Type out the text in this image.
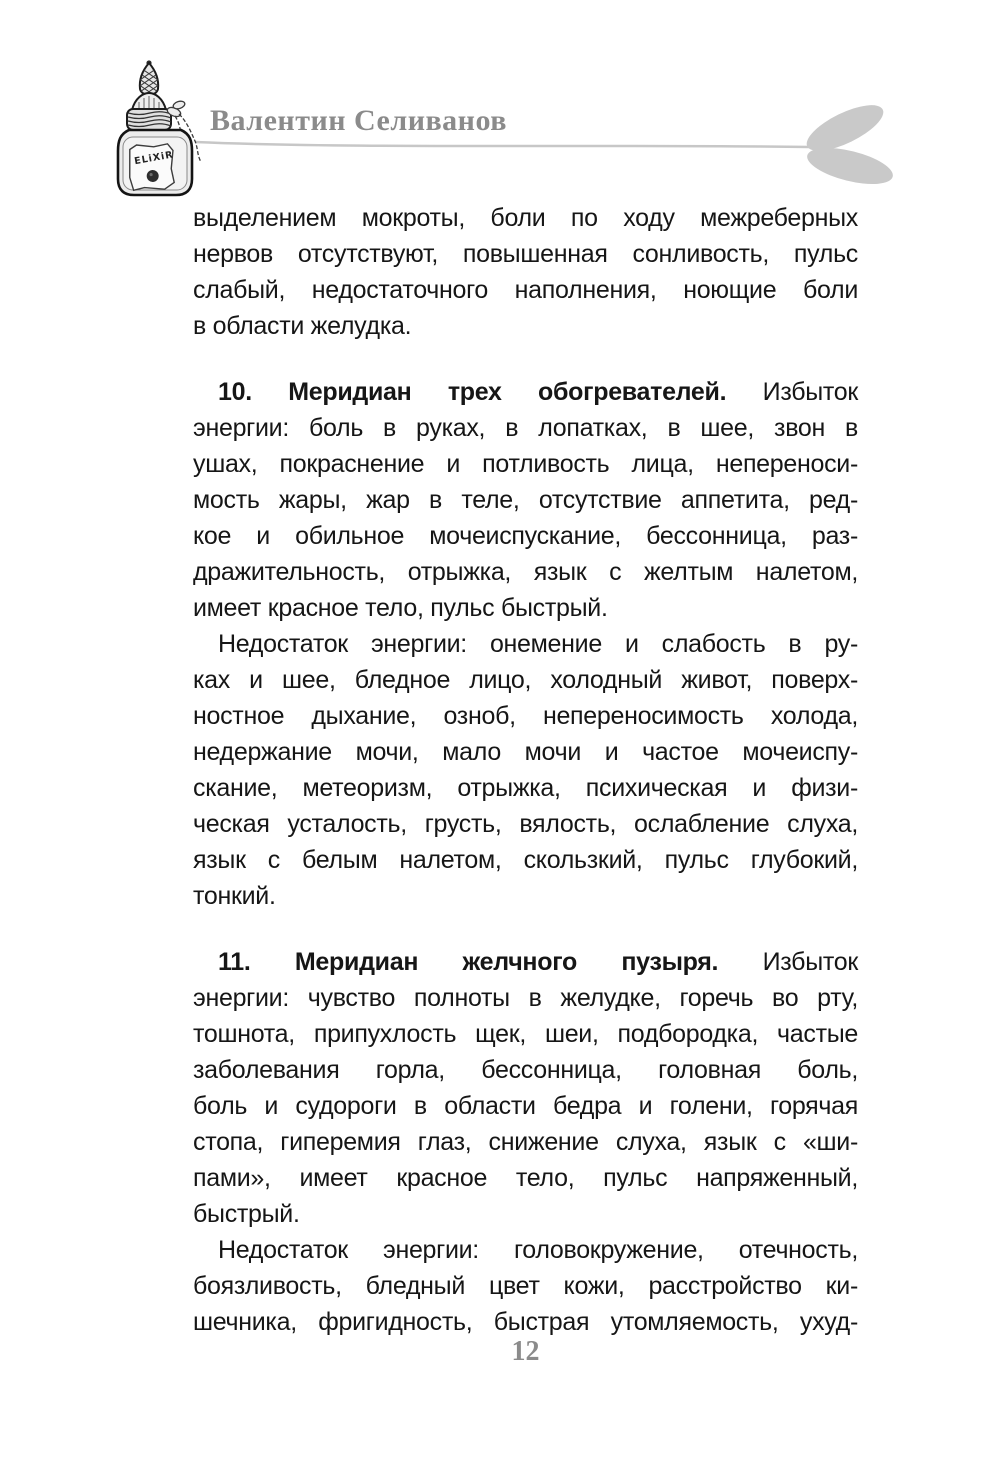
ELiXiR
Валентин Селиванов
выделением мокроты, боли по ходу межреберных
нервов отсутствуют, повышенная сонливость, пульс
слабый, недостаточного наполнения, ноющие боли
в области желудка.
10. Меридиан трех обогревателей. Избыток
энергии: боль в руках, в лопатках, в шее, звон в
ушах, покраснение и потливость лица, непереноси-
мость жары, жар в теле, отсутствие аппетита, ред-
кое и обильное мочеиспускание, бессонница, раз-
дражительность, отрыжка, язык с желтым налетом,
имеет красное тело, пульс быстрый.
Недостаток энергии: онемение и слабость в ру-
ках и шее, бледное лицо, холодный живот, поверх-
ностное дыхание, озноб, непереносимость холода,
недержание мочи, мало мочи и частое мочеиспу-
скание, метеоризм, отрыжка, психическая и физи-
ческая усталость, грусть, вялость, ослабление слуха,
язык с белым налетом, скользкий, пульс глубокий,
тонкий.
11. Меридиан желчного пузыря. Избыток
энергии: чувство полноты в желудке, горечь во рту,
тошнота, припухлость щек, шеи, подбородка, частые
заболевания горла, бессонница, головная боль,
боль и судороги в области бедра и голени, горячая
стопа, гиперемия глаз, снижение слуха, язык с «ши-
пами», имеет красное тело, пульс напряженный,
быстрый.
Недостаток энергии: головокружение, отечность,
боязливость, бледный цвет кожи, расстройство ки-
шечника, фригидность, быстрая утомляемость, ухуд-
12
